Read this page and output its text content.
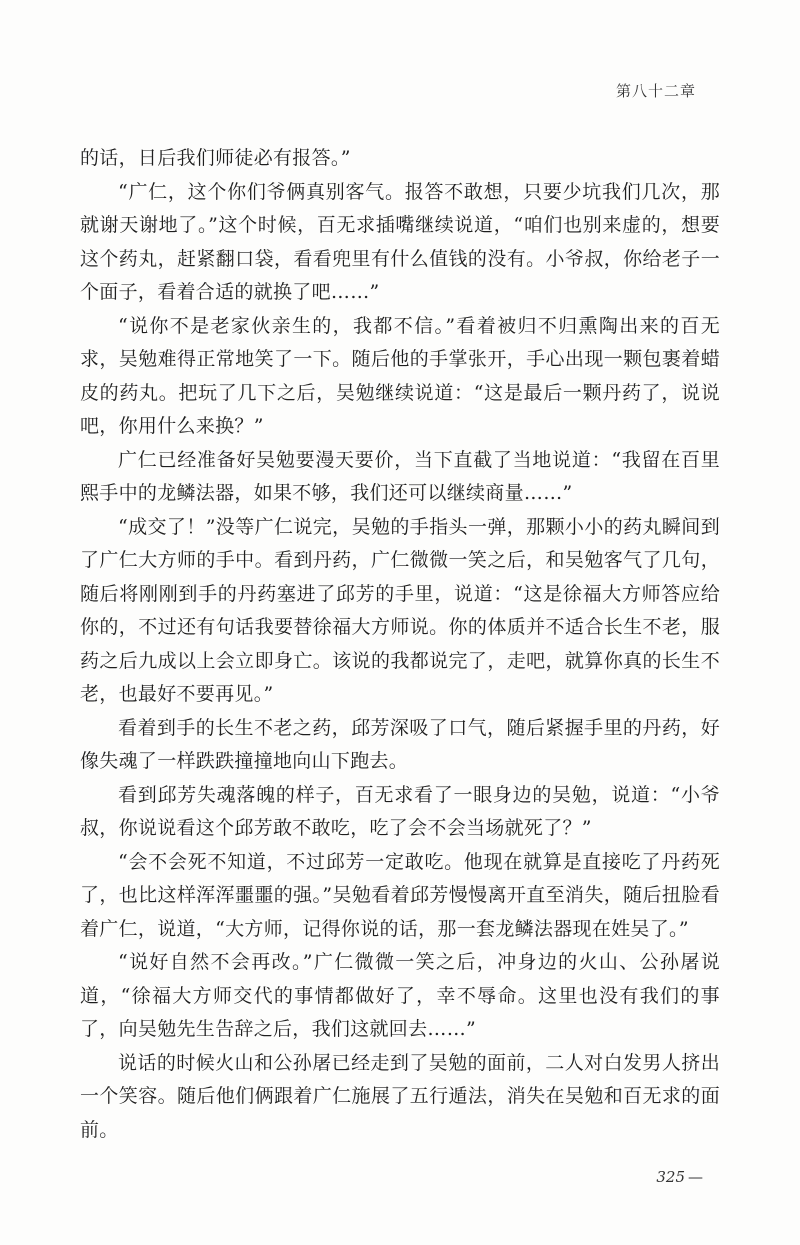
第八十二章

的话，日后我们师徒必有报答。”

“广仁，这个你们爷俩真别客气。报答不敢想，只要少坑我们几次，那就谢天谢地了。”这个时候，百无求插嘴继续说道，“咱们也别来虚的，想要这个药丸，赶紧翻口袋，看看兜里有什么值钱的没有。小爷叔，你给老子一个面子，看着合适的就换了吧……”

“说你不是老家伙亲生的，我都不信。”看着被归不归熏陶出来的百无求，吴勉难得正常地笑了一下。随后他的手掌张开，手心出现一颗包裹着蜡皮的药丸。把玩了几下之后，吴勉继续说道：“这是最后一颗丹药了，说说吧，你用什么来换？”

广仁已经准备好吴勉要漫天要价，当下直截了当地说道：“我留在百里熙手中的龙鳞法器，如果不够，我们还可以继续商量……”

“成交了！”没等广仁说完，吴勉的手指头一弹，那颗小小的药丸瞬间到了广仁大方师的手中。看到丹药，广仁微微一笑之后，和吴勉客气了几句，随后将刚刚到手的丹药塞进了邱芳的手里，说道：“这是徐福大方师答应给你的，不过还有句话我要替徐福大方师说。你的体质并不适合长生不老，服药之后九成以上会立即身亡。该说的我都说完了，走吧，就算你真的长生不老，也最好不要再见。”

看着到手的长生不老之药，邱芳深吸了口气，随后紧握手里的丹药，好像失魂了一样跌跌撞撞地向山下跑去。

看到邱芳失魂落魄的样子，百无求看了一眼身边的吴勉，说道：“小爷叔，你说说看这个邱芳敢不敢吃，吃了会不会当场就死了？”

“会不会死不知道，不过邱芳一定敢吃。他现在就算是直接吃了丹药死了，也比这样浑浑噩噩的强。”吴勉看着邱芳慢慢离开直至消失，随后扭脸看着广仁，说道，“大方师，记得你说的话，那一套龙鳞法器现在姓吴了。”

“说好自然不会再改。”广仁微微一笑之后，冲身边的火山、公孙屠说道，“徐福大方师交代的事情都做好了，幸不辱命。这里也没有我们的事了，向吴勉先生告辞之后，我们这就回去……”

说话的时候火山和公孙屠已经走到了吴勉的面前，二人对白发男人挤出一个笑容。随后他们俩跟着广仁施展了五行遁法，消失在吴勉和百无求的面前。

325 —
